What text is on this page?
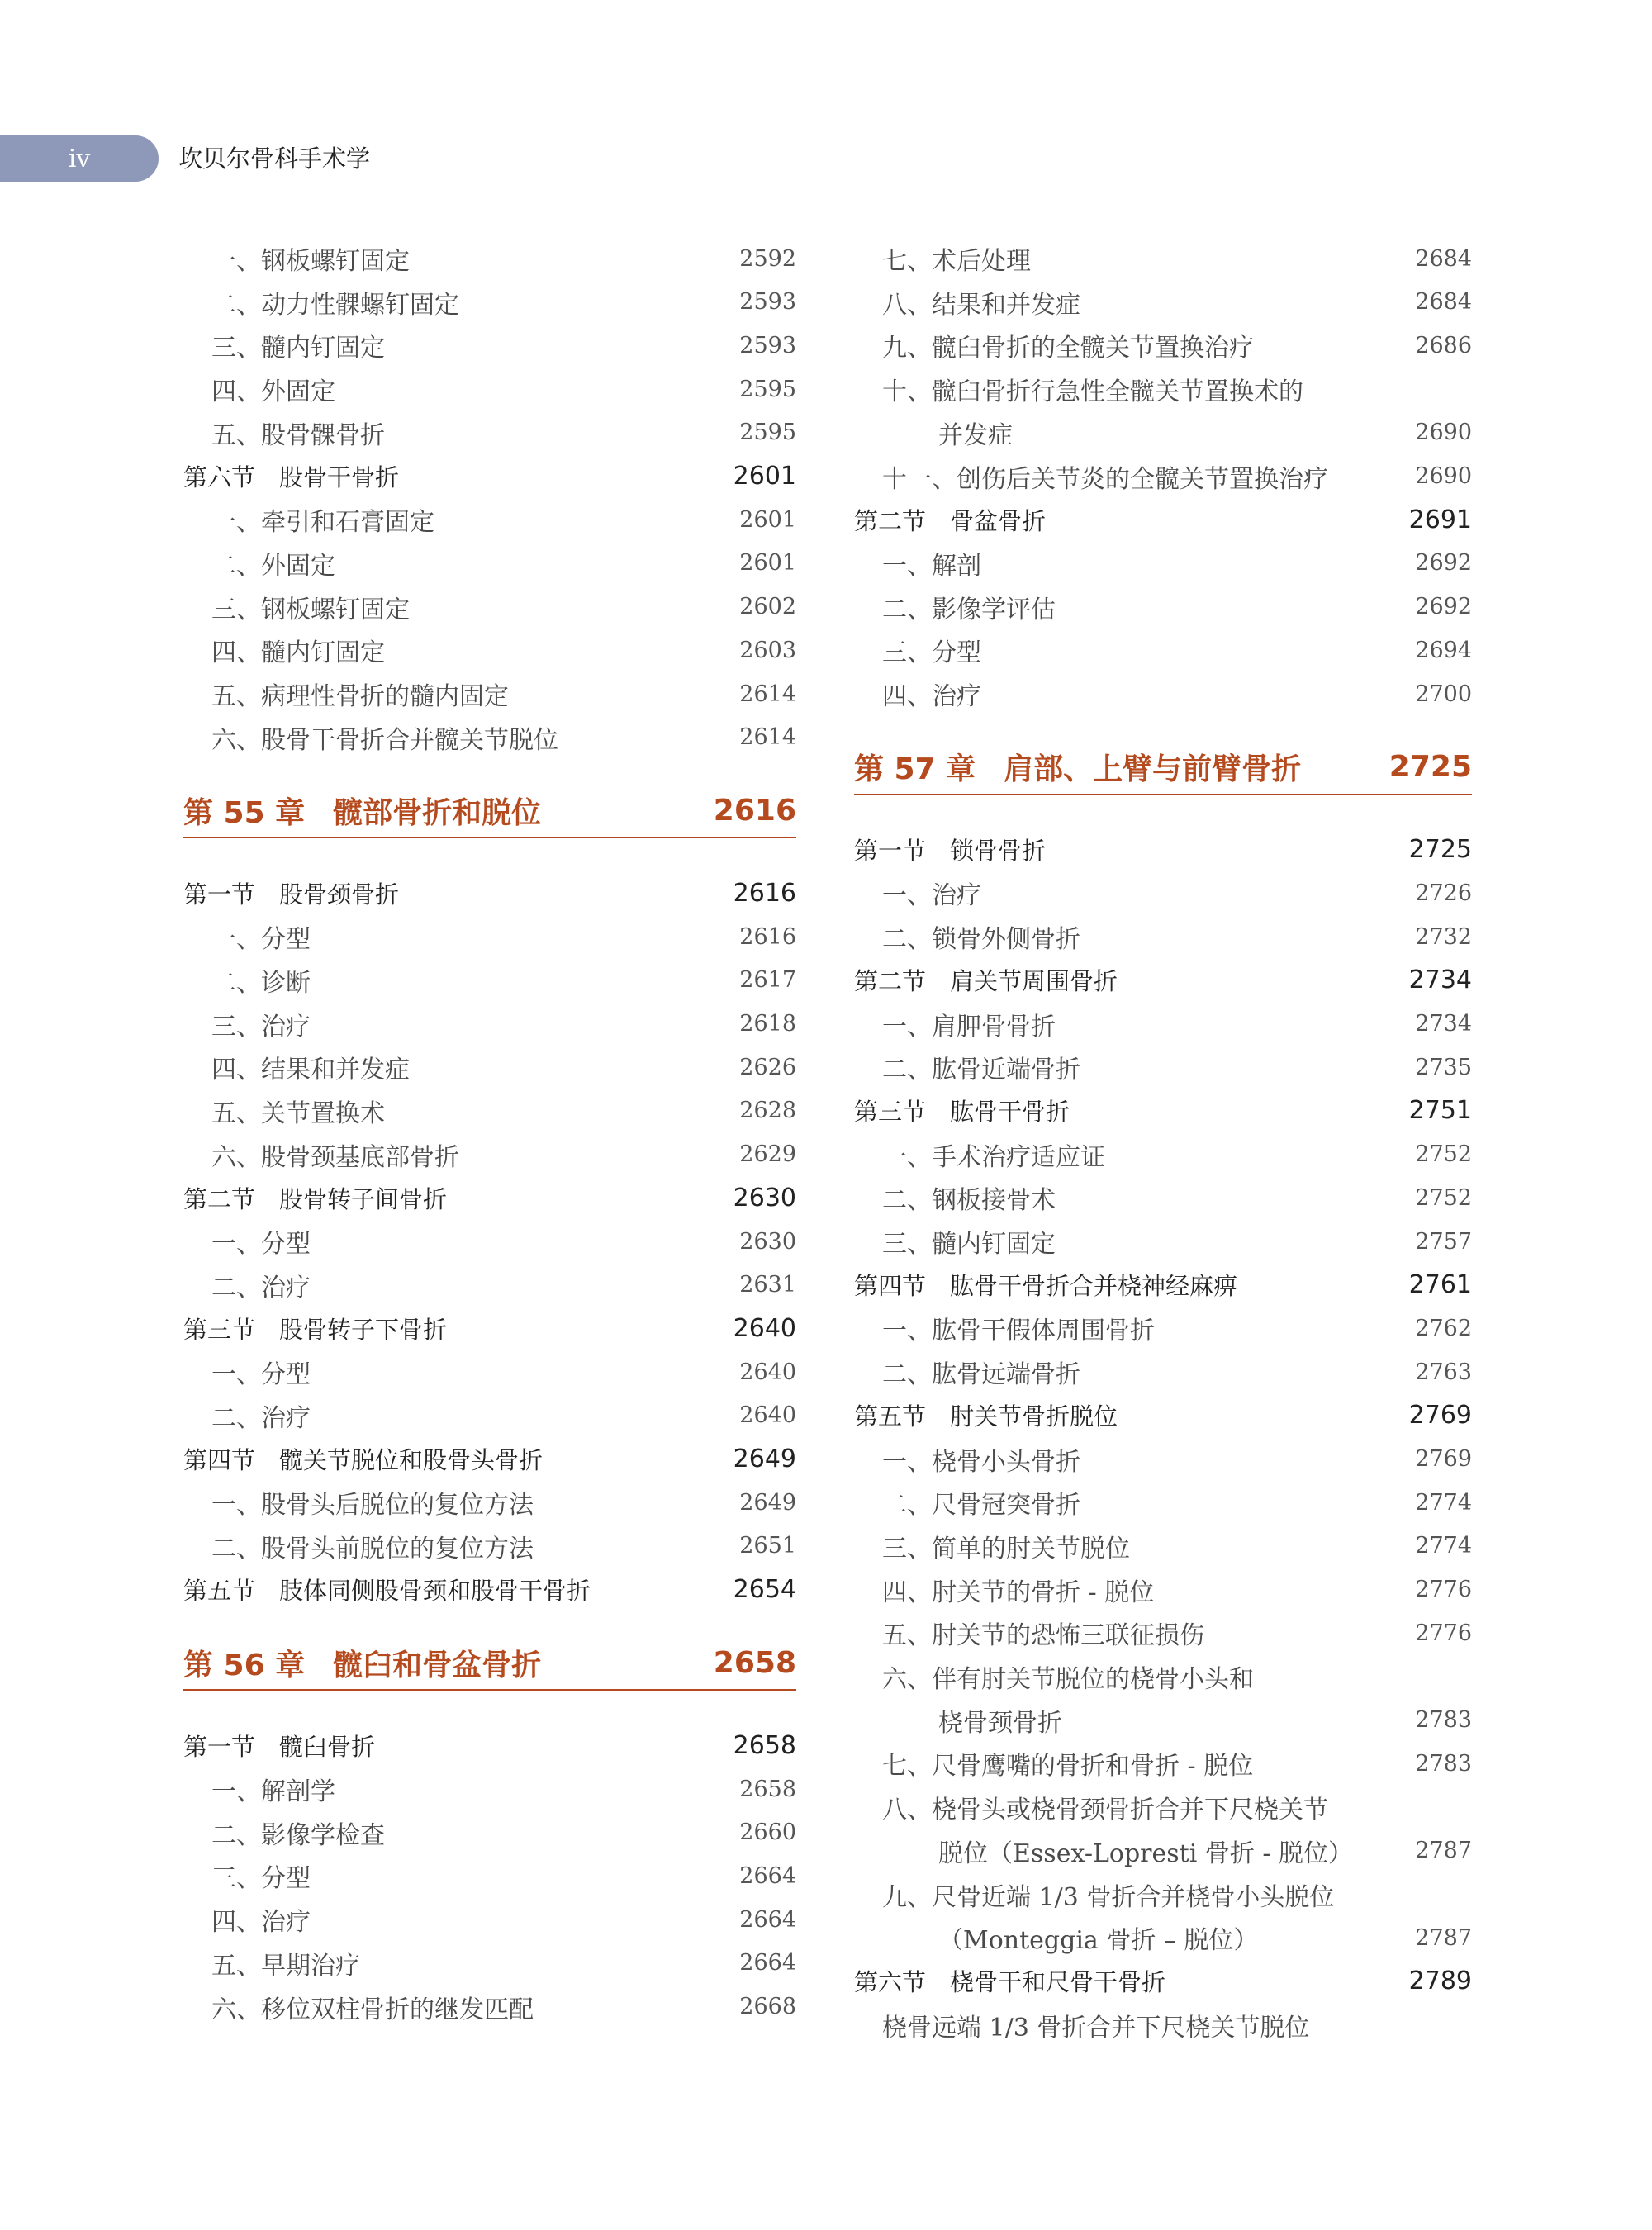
iv	坎贝尔骨科手术学
一、钢板螺钉固定	2592
二、动力性髁螺钉固定	2593
三、髓内钉固定	2593
四、外固定	2595
五、股骨髁骨折	2595
第六节　股骨干骨折	2601
一、牵引和石膏固定	2601
二、外固定	2601
三、钢板螺钉固定	2602
四、髓内钉固定	2603
五、病理性骨折的髓内固定	2614
六、股骨干骨折合并髋关节脱位	2614
第 55 章 髋部骨折和脱位	2616
第一节　股骨颈骨折	2616
一、分型	2616
二、诊断	2617
三、治疗	2618
四、结果和并发症	2626
五、关节置换术	2628
六、股骨颈基底部骨折	2629
第二节　股骨转子间骨折	2630
一、分型	2630
二、治疗	2631
第三节　股骨转子下骨折	2640
一、分型	2640
二、治疗	2640
第四节　髋关节脱位和股骨头骨折	2649
一、股骨头后脱位的复位方法	2649
二、股骨头前脱位的复位方法	2651
第五节　肢体同侧股骨颈和股骨干骨折	2654
第 56 章 髋臼和骨盆骨折	2658
第一节　髋臼骨折	2658
一、解剖学	2658
二、影像学检查	2660
三、分型	2664
四、治疗	2664
五、早期治疗	2664
六、移位双柱骨折的继发匹配	2668
七、术后处理	2684
八、结果和并发症	2684
九、髋臼骨折的全髋关节置换治疗	2686
十、髋臼骨折行急性全髋关节置换术的
并发症	2690
十一、创伤后关节炎的全髋关节置换治疗	2690
第二节　骨盆骨折	2691
一、解剖	2692
二、影像学评估	2692
三、分型	2694
四、治疗	2700
第 57 章 肩部、上臂与前臂骨折	2725
第一节　锁骨骨折	2725
一、治疗	2726
二、锁骨外侧骨折	2732
第二节　肩关节周围骨折	2734
一、肩胛骨骨折	2734
二、肱骨近端骨折	2735
第三节　肱骨干骨折	2751
一、手术治疗适应证	2752
二、钢板接骨术	2752
三、髓内钉固定	2757
第四节　肱骨干骨折合并桡神经麻痹	2761
一、肱骨干假体周围骨折	2762
二、肱骨远端骨折	2763
第五节　肘关节骨折脱位	2769
一、桡骨小头骨折	2769
二、尺骨冠突骨折	2774
三、简单的肘关节脱位	2774
四、肘关节的骨折 - 脱位	2776
五、肘关节的恐怖三联征损伤	2776
六、伴有肘关节脱位的桡骨小头和
桡骨颈骨折	2783
七、尺骨鹰嘴的骨折和骨折 - 脱位	2783
八、桡骨头或桡骨颈骨折合并下尺桡关节
脱位（Essex-Lopresti 骨折 - 脱位）	2787
九、尺骨近端 1/3 骨折合并桡骨小头脱位
（Monteggia 骨折 – 脱位）	2787
第六节　桡骨干和尺骨干骨折	2789
桡骨远端 1/3 骨折合并下尺桡关节脱位
